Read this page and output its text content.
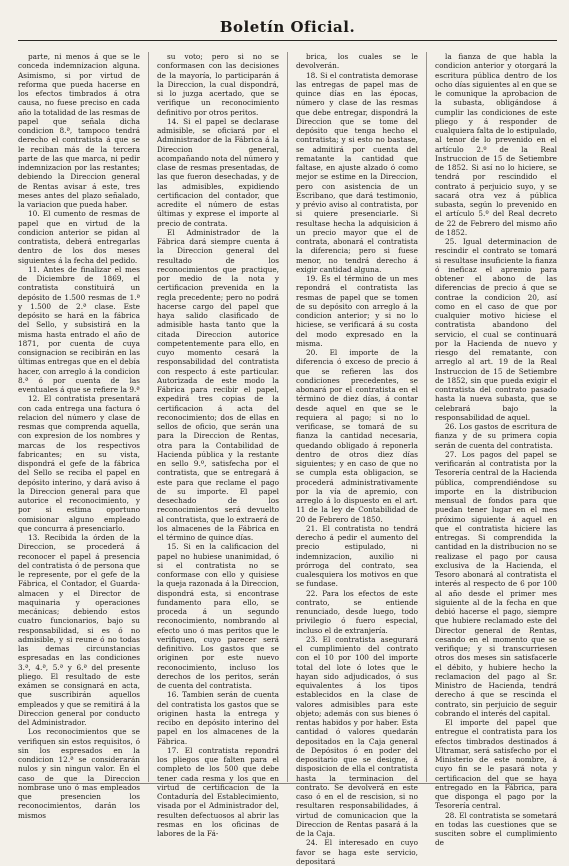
Boletín Oficial.

parte, ni menos á que se le conceda indemnizacion alguna. Asimismo, si por virtud de reforma que pueda hacerse en los efectos timbrados á otra causa, no fuese preciso en cada año la totalidad de las resmas de papel que señala dicha condicion 8.ª, tampoco tendrá derecho el contratista á que se le reciban más de la tercera parte de las que marca, ni pedir indemnizacion por las restantes; debiendo la Direccion general de Rentas avisar á este, tres meses antes del plazo señalado, la variacion que pueda haber.

10. El cumento de resmas de papel que en virtud de la condicion anterior se pidan al contratista, deberá entregarlas dentro de los dos meses siguientes á la fecha del pedido.

11. Antes de finalizar el mes de Diciembre de 1869, el contratista constituirá un depósito de 1.500 resmas de 1.ª y 1.500 de 2.ª clase. Este depósito se hará en la fábrica del Sello, y subsistirá en la misma hasta entrado el año de 1871, por cuenta de cuya consignacion se recibirán en las últimas entregas que en el debía hacer, con arreglo á la condicion 8.ª ó por cuenta de las eventuales á que se refiere la 9.ª

12. El contratista presentará con cada entrega una factura ó relacion del número y clase de resmas que comprenda aquella, con expresion de los nombres y marcas de los respectivos fabricantes; en su vista, dispondrá el gefe de la fábrica del Sello se reciba el papel en depósito interino, y dará aviso á la Direccion general para que autorice el reconocimiento, y por si estima oportuno comisionar alguno empleado que concurra á presenciarlo.

13. Recibida la órden de la Direccion, se procederá á reconocer el papel á presencia del contratista ó de persona que le represente, por el gefe de la Fábrica, el Contador, el Guarda-almacen y el Director de maquinaria y operaciones mecánicas; debiendo estos cuatro funcionarios, bajo su responsabilidad, si es ó no admisible, y si reune ó no todas las demas circunstancias espresadas en las condiciones 3.ª, 4.ª, 5.ª y 6.ª del presente pliego. El resultado de este exámen se consignará en acta, que suscribirán aquellos empleados y que se remitirá á la Direccion general por conducto del Administrador.

Los reconocimientos que se verifiquen sin estos requisitos, ó sin los espresados en la condicion 12.ª se considerarán nulos y sin ningun valor. En el caso de que la Direccion nombrase uno ó mas empleados que presencien los reconocimientos, darán los mismos

su voto; pero si no se conformasen con las decisiones de la mayoría, lo participarán á la Direccion, la cual dispondrá, si lo juzga acertado, que se verifique un reconocimiento definitivo por otros peritos.

14. Si el papel se declarase admisible, se oficiará por el Administrador de la Fábrica á la Direccion general, acompañando nota del número y clase de resmas presentadas, de las que fueron desechadas, y de las admisibles, expidiendo certificacion del contador, que acredite el número de estas últimas y exprese el importe al precio de contrata.

El Administrador de la Fábrica dará siempre cuenta á la Direccion general del resultado de los reconocimientos que practique, por medio de la nota y certificacion prevenida en la regla precedente; pero no podrá hacerse cargo del papel que haya salido clasificado de admisible hasta tanto que la citada Direccion autorice competentemente para ello, en cuyo momento cesará la responsabilidad del contratista con respecto á este particular. Autorizada de este modo la Fábrica para recibir el papel, expedirá tres copias de la certificacion á acta del reconocimiento; dos de ellas en sellos de oficio, que serán una para la Direccion de Rentas, otra para la Contabilidad de Hacienda pública y la restante en sello 9.º, satisfecha por el contratista, que se entregará á este para que reclame el pago de su importe. El papel desechado de los reconocimientos será devuelto al contratista, que lo extraerá de los almacenes de la Fábrica en el término de quince días.

15. Si en la calificacion del papel no hubiese unanimidad, ó si el contratista no se conformase con ello y quisiese la queja razonada á la Direccion, dispondrá esta, si encontrase fundamento para ello, se proceda á un segundo reconocimiento, nombrando al efecto uno ó mas peritos que le verifiquen, cuyo parecer será definitivo. Los gastos que se originen por este nuevo reconocimiento, incluso los derechos de los peritos, serán de cuenta del contratista.

16. Tambien serán de cuenta del contratista los gastos que se originen hasta la entrega y recibo en depósito interino del papel en los almacenes de la Fábrica.

17. El contratista repondrá los pliegos que falten para el completo de los 500 que debe tener cada resma y los que en virtud de certificacion de la Contaduría del Establecimiento, visada por el Administrador del, resulten defectuosos al abrir las resmas en los oficinas de labores de la Fá-

brica, los cuales se le devolverán.

18. Si el contratista demorase las entregas de papel mas de quince días en las épocas, número y clase de las resmas que debe entregar, dispondrá la Direccion que se tome del depósito que tenga hecho el contratista; y si esto no bastase, se admitirá por cuenta del rematante la cantidad que faltase, en ajuste alzado ó como mejor se estime en la Direccion, pero con asistencia de un Escribano, que dará testimonio, y prévio aviso al contratista, por si quiere presenciarle. Si resultase hecha la adquisicion á un precio mayor que el de contrata, abonará el contratista la diferencia; pero si fuese menor, no tendrá derecho á exigir cantidad alguna.

19. Es el término de un mes repondrá el contratista las resmas de papel que se tomen de su depósito con arreglo á la condicion anterior; y si no lo hiciese, se verificará á su costa del modo expresado en la misma.

20. El importe de la diferencia ó exceso de precio á que se refieren las dos condiciones precedentes, se abonará por el contratista en el término de diez días, á contar desde aquel en que se le requiera al pago; si no lo verificase, se tomará de su fianza la cantidad necesaria, quedando obligado á reponerla dentro de otros diez días siguientes; y en caso de que no se cumpla esta obligacion, se procederá administrativamente por la vía de apremio, con arreglo á lo dispuesto en el art. 11 de la ley de Contabilidad de 20 de Febrero de 1850.

21. El contratista no tendrá derecho á pedir el aumento del precio estipulado, ni indemnizacion, auxilio ni prórroga del contrato, sea cualesquiera los motivos en que se fundase.

22. Para los efectos de este contrato, se entiende renunciado, desde luego, todo privilegio ó fuero especial, incluso el de extranjería.

23. El contratista asegurará el cumplimiento del contrato con el 10 por 100 del importe total del lote ó lotes que le hayan sido adjudicados, ó sus equivalentes á los tipos establecidos en la clase de valores admisibles para este objeto; además con sus bienes ó rentas habidos y por haber. Esta cantidad ó valores quedarán depositados en la Caja general de Depósitos ó en poder del depositario que se designe, á disposicion de ella el contratista hasta la terminacion del contrato. Se devolverá en este caso ó en el de rescision, si no resultaren responsabilidades, á virtud de comunicacion que la Direccion de Rentas pasará á la de la Caja.

24. El interesado en cuyo favor se haga este servicio, depositará

la fianza de que habla la condicion anterior y otorgará la escritura pública dentro de los ocho días siguientes al en que se le comunique la aprobacion de la subasta, obligándose á cumplir las condiciones de este pliego y á responder de cualquiera falta de lo estipulado, al tenor de lo prevenido en el artículo 2.º de la Real Instruccion de 15 de Setiembre de 1852. Si así no lo hiciere, se tendrá por rescindido el contrato á perjuicio suyo, y se sacará otra vez á pública subasta, según lo prevenido en el artículo 5.º del Real decreto de 22 de Febrero del mismo año de 1852.

25. Igual determinacion de rescindir el contrato se tomará si resultase insuficiente la fianza ó ineficaz el apremio para obtener el abono de las diferencias de precio á que se contrae la condicion 20, así como en el caso de que por cualquier motivo hiciese el contratista abandono del servicio, el cual se continuará por la Hacienda de nuevo y riesgo del rematante, con arreglo al art. 19 de la Real Instruccion de 15 de Setiembre de 1852, sin que pueda exigir el contratista del contrato pasado hasta la nueva subasta, que se celebrará bajo la responsabilidad de aquel.

26. Los gastos de escritura de fianza y de su primera copia serán de cuenta del contratista.

27. Los pagos del papel se verificarán al contratista por la Tesorería central de la Hacienda pública, comprendiéndose su importe en la distribucion mensual de fondos para que puedan tener lugar en el mes próximo siguiente á aquel en que el contratista hiciere las entregas. Si comprendida la cantidad en la distribucion no se realizase el pago por causa exclusiva de la Hacienda, el Tesoro abonará al contratista el interés al respecto de 6 por 100 al año desde el primer mes siguiente al de la fecha en que debió hacerse el pago, siempre que hubiere reclamado este del Director general de Rentas, cesando en el momento que se verifique; y si transcurriesen otros dos meses sin satisfacerle el débito, y hubiere hecho la reclamacion del pago al Sr. Ministro de Hacienda, tendrá derecho á que se rescinda el contrato, sin perjuicio de seguir cobrando el interés del capital.

El importe del papel que entregue el contratista para los efectos timbrados destinados á Ultramar, será satisfecho por el Ministerio de este nombre, á cuyo fin se le pasará nota y certificacion del que se haya entregado en la Fábrica, para que disponga el pago por la Tesorería central.

28. El contratista se sometará en todas las cuestiones que se susciten sobre el cumplimiento de
